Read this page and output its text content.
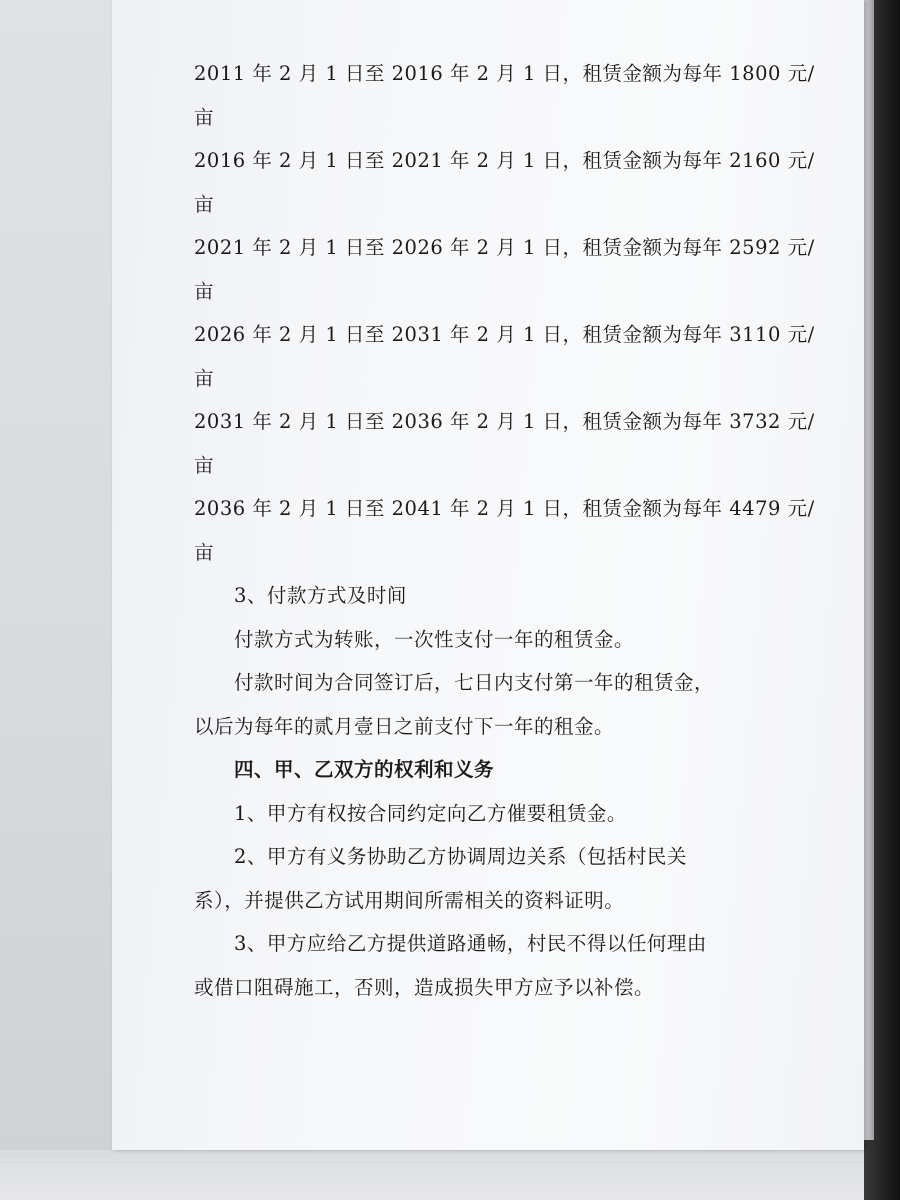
2011 年 2 月 1 日至 2016 年 2 月 1 日，租赁金额为每年 1800 元/
亩
2016 年 2 月 1 日至 2021 年 2 月 1 日，租赁金额为每年 2160 元/
亩
2021 年 2 月 1 日至 2026 年 2 月 1 日，租赁金额为每年 2592 元/
亩
2026 年 2 月 1 日至 2031 年 2 月 1 日，租赁金额为每年 3110 元/
亩
2031 年 2 月 1 日至 2036 年 2 月 1 日，租赁金额为每年 3732 元/
亩
2036 年 2 月 1 日至 2041 年 2 月 1 日，租赁金额为每年 4479 元/
亩
3、付款方式及时间
付款方式为转账，一次性支付一年的租赁金。
付款时间为合同签订后，七日内支付第一年的租赁金，
以后为每年的贰月壹日之前支付下一年的租金。
四、甲、乙双方的权利和义务
1、甲方有权按合同约定向乙方催要租赁金。
2、甲方有义务协助乙方协调周边关系（包括村民关
系），并提供乙方试用期间所需相关的资料证明。
3、甲方应给乙方提供道路通畅，村民不得以任何理由
或借口阻碍施工，否则，造成损失甲方应予以补偿。
